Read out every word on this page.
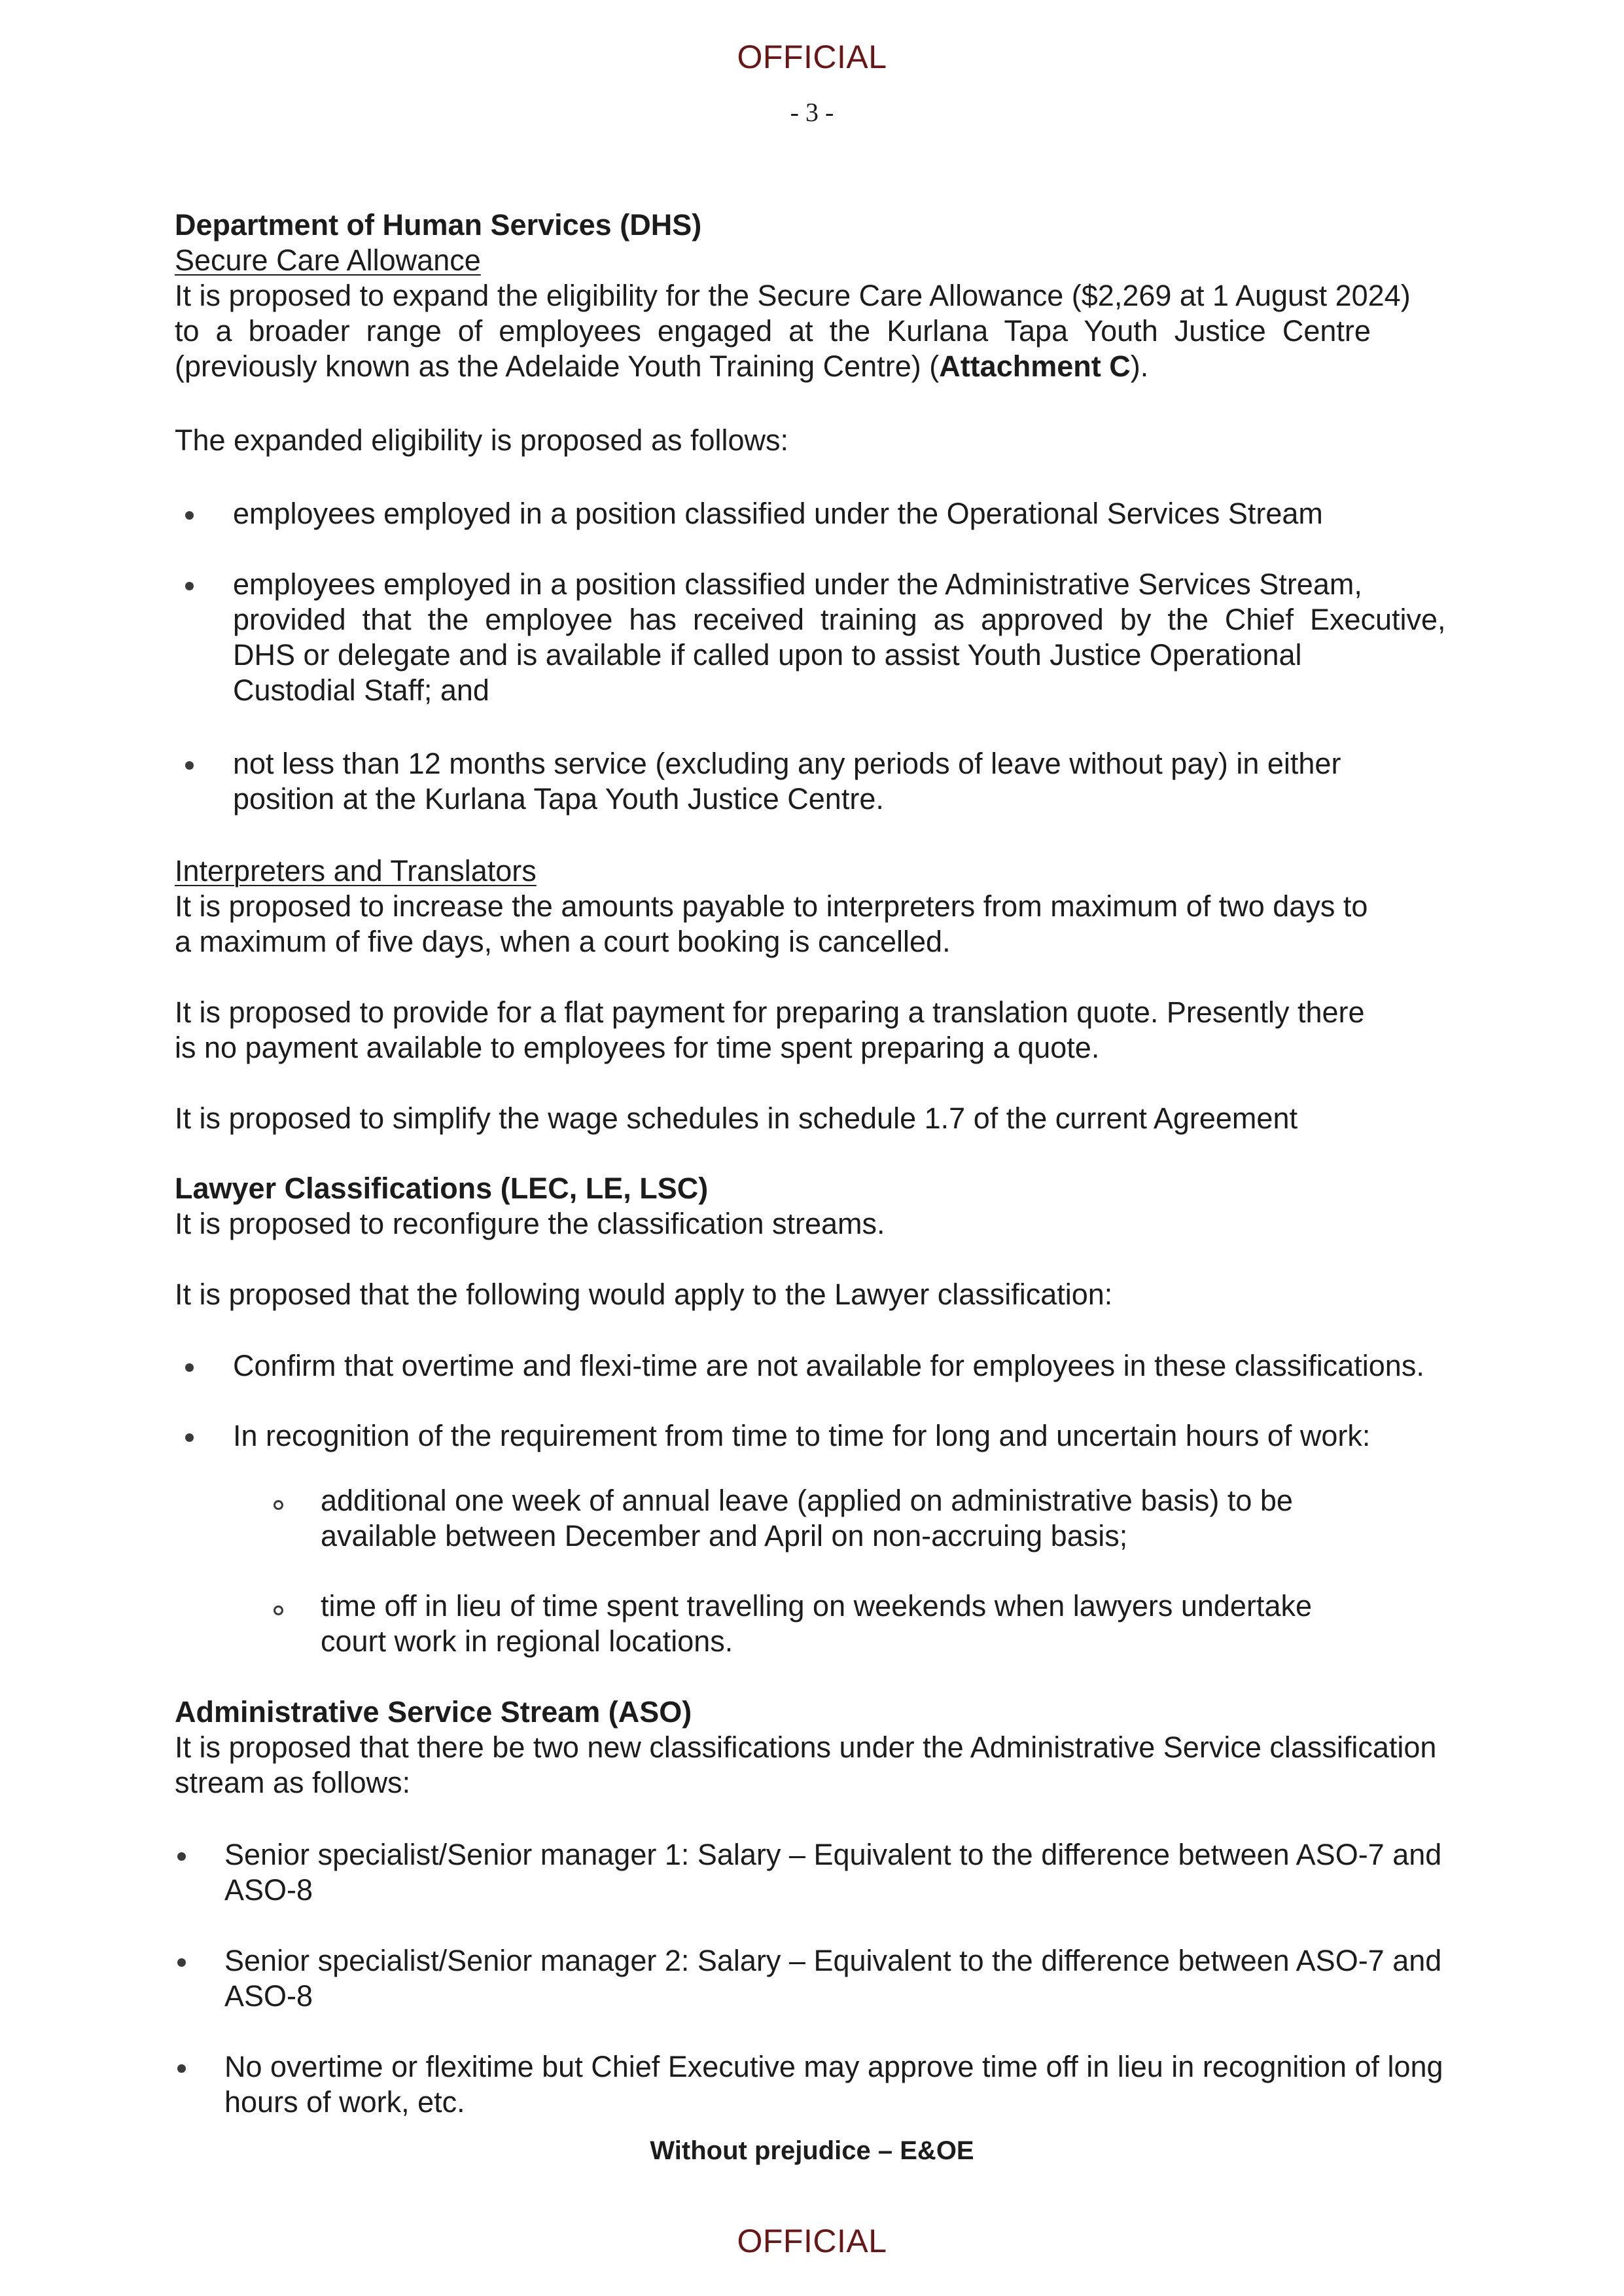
OFFICIAL
- 3 -
Department of Human Services (DHS)
Secure Care Allowance
It is proposed to expand the eligibility for the Secure Care Allowance ($2,269 at 1 August 2024)
to  a  broader  range  of  employees  engaged  at  the  Kurlana  Tapa  Youth  Justice  Centre
(previously known as the Adelaide Youth Training Centre) (Attachment C).
The expanded eligibility is proposed as follows:
employees employed in a position classified under the Operational Services Stream
employees employed in a position classified under the Administrative Services Stream,
provided  that  the  employee  has  received  training  as  approved  by  the  Chief  Executive,
DHS or delegate and is available if called upon to assist Youth Justice Operational
Custodial Staff; and
not less than 12 months service (excluding any periods of leave without pay) in either
position at the Kurlana Tapa Youth Justice Centre.
Interpreters and Translators
It is proposed to increase the amounts payable to interpreters from maximum of two days to
a maximum of five days, when a court booking is cancelled.
It is proposed to provide for a flat payment for preparing a translation quote. Presently there
is no payment available to employees for time spent preparing a quote.
It is proposed to simplify the wage schedules in schedule 1.7 of the current Agreement
Lawyer Classifications (LEC, LE, LSC)
It is proposed to reconfigure the classification streams.
It is proposed that the following would apply to the Lawyer classification:
Confirm that overtime and flexi-time are not available for employees in these classifications.
In recognition of the requirement from time to time for long and uncertain hours of work:
additional one week of annual leave (applied on administrative basis) to be
available between December and April on non-accruing basis;
time off in lieu of time spent travelling on weekends when lawyers undertake
court work in regional locations.
Administrative Service Stream (ASO)
It is proposed that there be two new classifications under the Administrative Service classification
stream as follows:
Senior specialist/Senior manager 1: Salary – Equivalent to the difference between ASO-7 and
ASO-8
Senior specialist/Senior manager 2: Salary – Equivalent to the difference between ASO-7 and
ASO-8
No overtime or flexitime but Chief Executive may approve time off in lieu in recognition of long
hours of work, etc.
Without prejudice – E&OE
OFFICIAL
